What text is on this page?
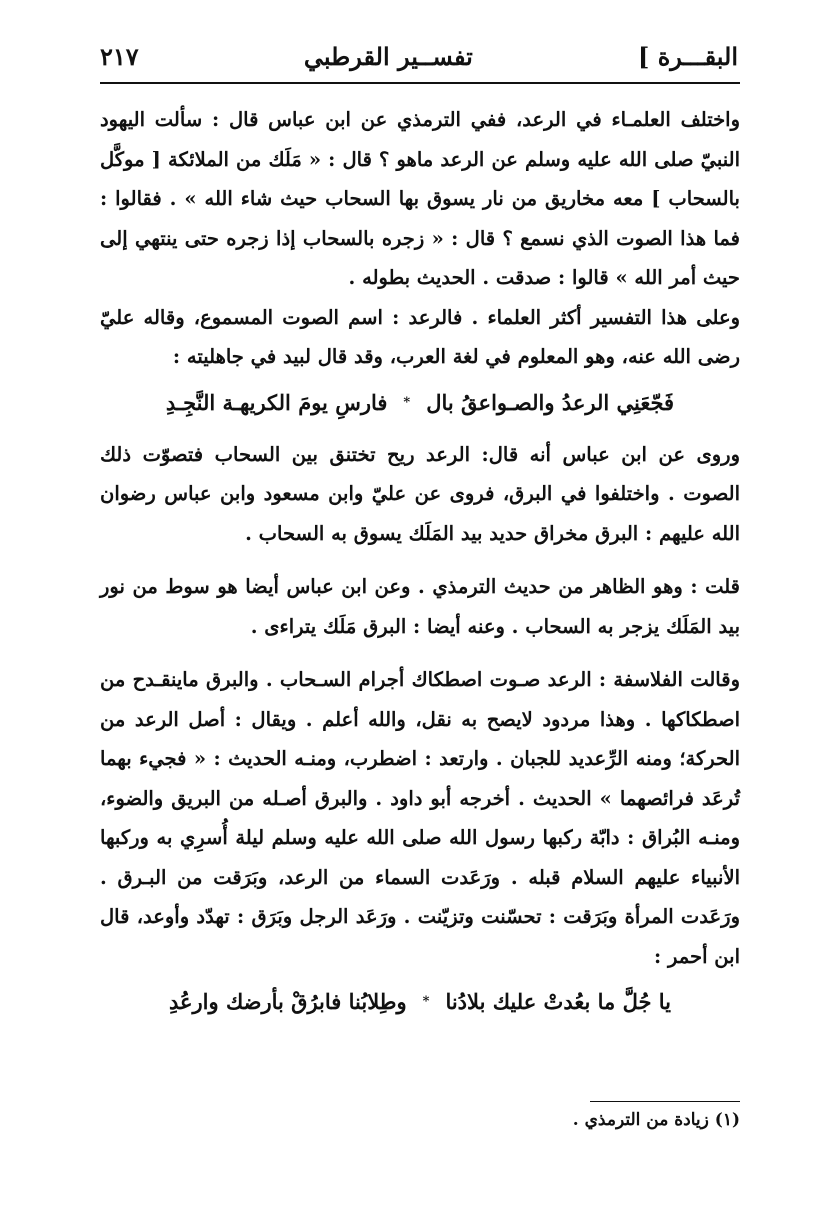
البقـــرة ]
تفســير القرطبي
٢١٧

واختلف العلمـاء في الرعد، ففي الترمذي عن ابن عباس قال : سألت اليهود النبيّ صلى الله عليه وسلم عن الرعد ماهو ؟ قال : « مَلَك من الملائكة [ موكَّل بالسحاب ] معه مخاريق من نار يسوق بها السحاب حيث شاء الله » . فقالوا : فما هذا الصوت الذي نسمع ؟ قال : « زجره بالسحاب إذا زجره حتى ينتهي إلى حيث أمر الله » قالوا : صدقت . الحديث بطوله .

وعلى هذا التفسير أكثر العلماء . فالرعد : اسم الصوت المسموع، وقاله عليّ رضى الله عنه، وهو المعلوم في لغة العرب، وقد قال لبيد في جاهليته :

فَجّعَنِي الرعدُ والصـواعقُ بال
*
فارسِ يومَ الكريهـة النَّجِـدِ

وروى عن ابن عباس أنه قال: الرعد ريح تختنق بين السحاب فتصوّت ذلك الصوت . واختلفوا في البرق، فروى عن عليّ وابن مسعود وابن عباس رضوان الله عليهم : البرق مخراق حديد بيد المَلَك يسوق به السحاب .

قلت : وهو الظاهر من حديث الترمذي . وعن ابن عباس أيضا هو سوط من نور بيد المَلَك يزجر به السحاب . وعنه أيضا : البرق مَلَك يتراءى .

وقالت الفلاسفة : الرعد صـوت اصطكاك أجرام السـحاب . والبرق ماينقـدح من اصطكاكها . وهذا مردود لايصح به نقل، والله أعلم . ويقال : أصل الرعد من الحركة؛ ومنه الرِّعديد للجبان . وارتعد : اضطرب، ومنـه الحديث : « فجيء بهما تُرعَد فرائصهما » الحديث . أخرجه أبو داود . والبرق أصـله من البريق والضوء، ومنـه البُراق : دابّة ركبها رسول الله صلى الله عليه وسلم ليلة أُسرِي به وركبها الأنبياء عليهم السلام قبله . ورَعَدت السماء من الرعد، وبَرَقت من البـرق . ورَعَدت المرأة وبَرَقت : تحسّنت وتزيّنت . ورَعَد الرجل وبَرَق : تهدّد وأوعد، قال ابن أحمر :

يا جُلَّ ما بعُدتْ عليك بلادُنا
*
وطِلابُنا فابرُقْ بأرضك وارعُدِ
(١) زيادة من الترمذي .
